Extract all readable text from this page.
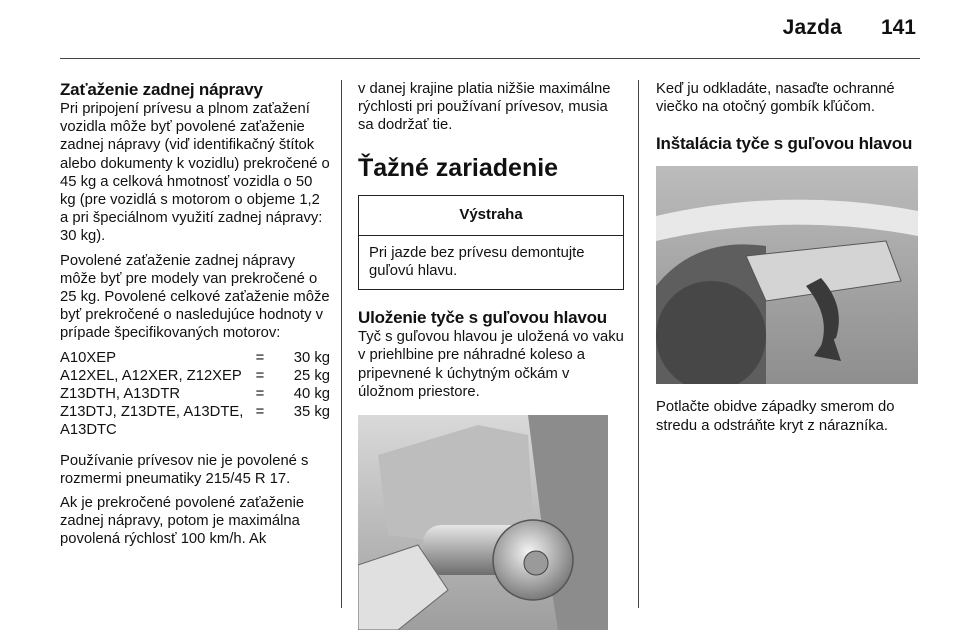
Jazda 141
Zaťaženie zadnej nápravy

Pri pripojení prívesu a plnom zaťažení vozidla môže byť povolené zaťaženie zadnej nápravy (viď identifikačný štítok alebo dokumenty k vozidlu) prekročené o 45 kg a celková hmotnosť vozidla o 50 kg (pre vozidlá s motorom o objeme 1,2 a pri špeciálnom využití zadnej nápravy: 30 kg).

Povolené zaťaženie zadnej nápravy môže byť pre modely van prekročené o 25 kg. Povolené celkové zaťaženie môže byť prekročené o nasledujúce hodnoty v prípade špecifikovaných motorov:

A10XEP	=	30 kg
A12XEL, A12XER, Z12XEP	=	25 kg
Z13DTH, A13DTR	=	40 kg
Z13DTJ, Z13DTE, A13DTE, A13DTC	=	35 kg

Používanie prívesov nie je povolené s rozmermi pneumatiky 215/45 R 17.

Ak je prekročené povolené zaťaženie zadnej nápravy, potom je maximálna povolená rýchlosť 100 km/h. Ak

v danej krajine platia nižšie maximálne rýchlosti pri používaní prívesov, musia sa dodržať tie.

Ťažné zariadenie
Výstraha
Pri jazde bez prívesu demontujte guľovú hlavu.
Uloženie tyče s guľovou hlavou

Tyč s guľovou hlavou je uložená vo vaku v priehlbine pre náhradné koleso a pripevnené k úchytným očkám v úložnom priestore.

Keď ju odkladáte, nasaďte ochranné viečko na otočný gombík kľúčom.

Inštalácia tyče s guľovou hlavou

Potlačte obidve západky smerom do stredu a odstráňte kryt z nárazníka.
